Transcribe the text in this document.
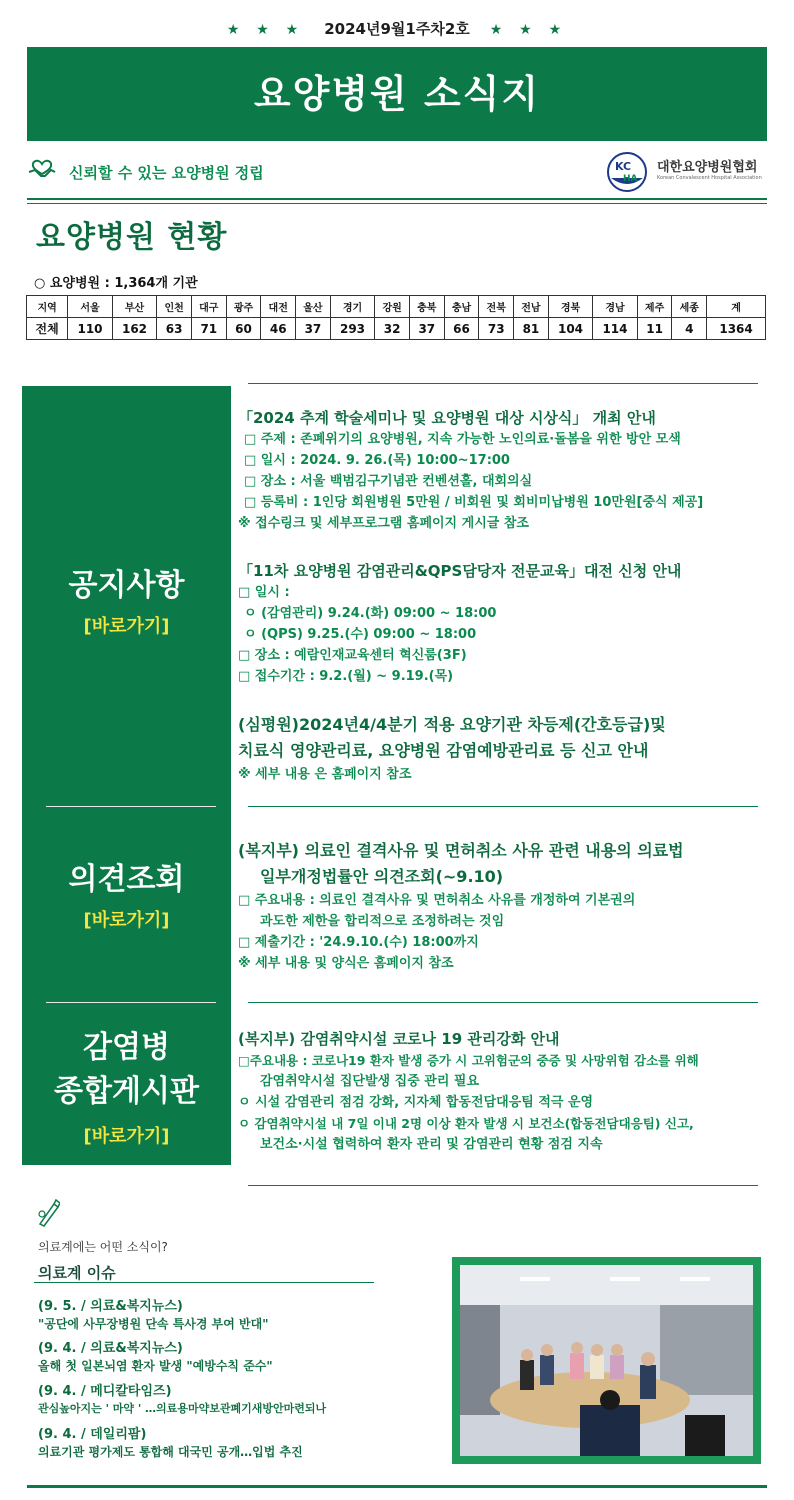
★ ★ ★ 2024년9월1주차2호 ★ ★ ★
요양병원 소식지
신뢰할 수 있는 요양병원 정립	KC
HA
대한요양병원협회
Korean Convalescent Hospital Association
요양병원 현황
○ 요양병원 : 1,364개 기관
지역	서울	부산	인천	대구	광주	대전	울산	경기	강원	충북	충남	전북	전남	경북	경남	제주	세종	계
전체	110	162	63	71	60	46	37	293	32	37	66	73	81	104	114	11	4	1364
공지사항
[바로가기]
의견조회
[바로가기]
감염병
종합게시판
[바로가기]
「2024 추계 학술세미나 및 요양병원 대상 시상식」 개최 안내
□ 주제 : 존폐위기의 요양병원, 지속 가능한 노인의료·돌봄을 위한 방안 모색
□ 일시 : 2024. 9. 26.(목) 10:00~17:00
□ 장소 : 서울 백범김구기념관 컨벤션홀, 대회의실
□ 등록비 : 1인당 회원병원 5만원 / 비회원 및 회비미납병원 10만원[중식 제공]
※ 접수링크 및 세부프로그램 홈페이지 게시글 참조
「11차 요양병원 감염관리&QPS담당자 전문교육」대전 신청 안내
□ 일시 :
ㅇ (감염관리) 9.24.(화) 09:00 ~ 18:00
ㅇ (QPS) 9.25.(수) 09:00 ~ 18:00
□ 장소 : 예람인재교육센터 혁신룸(3F)
□ 접수기간 : 9.2.(월) ~ 9.19.(목)
(심평원)2024년4/4분기 적용 요양기관 차등제(간호등급)및
치료식 영양관리료, 요양병원 감염예방관리료 등 신고 안내
※ 세부 내용 은 홈페이지 참조
(복지부) 의료인 결격사유 및 면허취소 사유 관련 내용의 의료법
일부개정법률안 의견조회(~9.10)
□ 주요내용 : 의료인 결격사유 및 면허취소 사유를 개정하여 기본권의
과도한 제한을 합리적으로 조정하려는 것임
□ 제출기간 : '24.9.10.(수) 18:00까지
※ 세부 내용 및 양식은 홈페이지 참조
(복지부) 감염취약시설 코로나 19 관리강화 안내
□주요내용 : 코로나19 환자 발생 증가 시 고위험군의 중증 및 사망위험 감소를 위해
감염취약시설 집단발생 집중 관리 필요
ㅇ 시설 감염관리 점검 강화, 지자체 합동전담대응팀 적극 운영
ㅇ 감염취약시설 내 7일 이내 2명 이상 환자 발생 시 보건소(합동전담대응팀) 신고,
보건소·시설 협력하여 환자 관리 및 감염관리 현황 점검 지속
의료계에는 어떤 소식이?
의료계 이슈
(9. 5. / 의료&복지뉴스)
"공단에 사무장병원 단속 특사경 부여 반대"
(9. 4. / 의료&복지뉴스)
올해 첫 일본뇌염 환자 발생 "예방수칙 준수"
(9. 4. / 메디칼타임즈)
관심높아지는 ' 마약 ' …의료용마약보관폐기새방안마련되나
(9. 4. / 데일리팜)
의료기관 평가제도 통합해 대국민 공개…입법 추진
